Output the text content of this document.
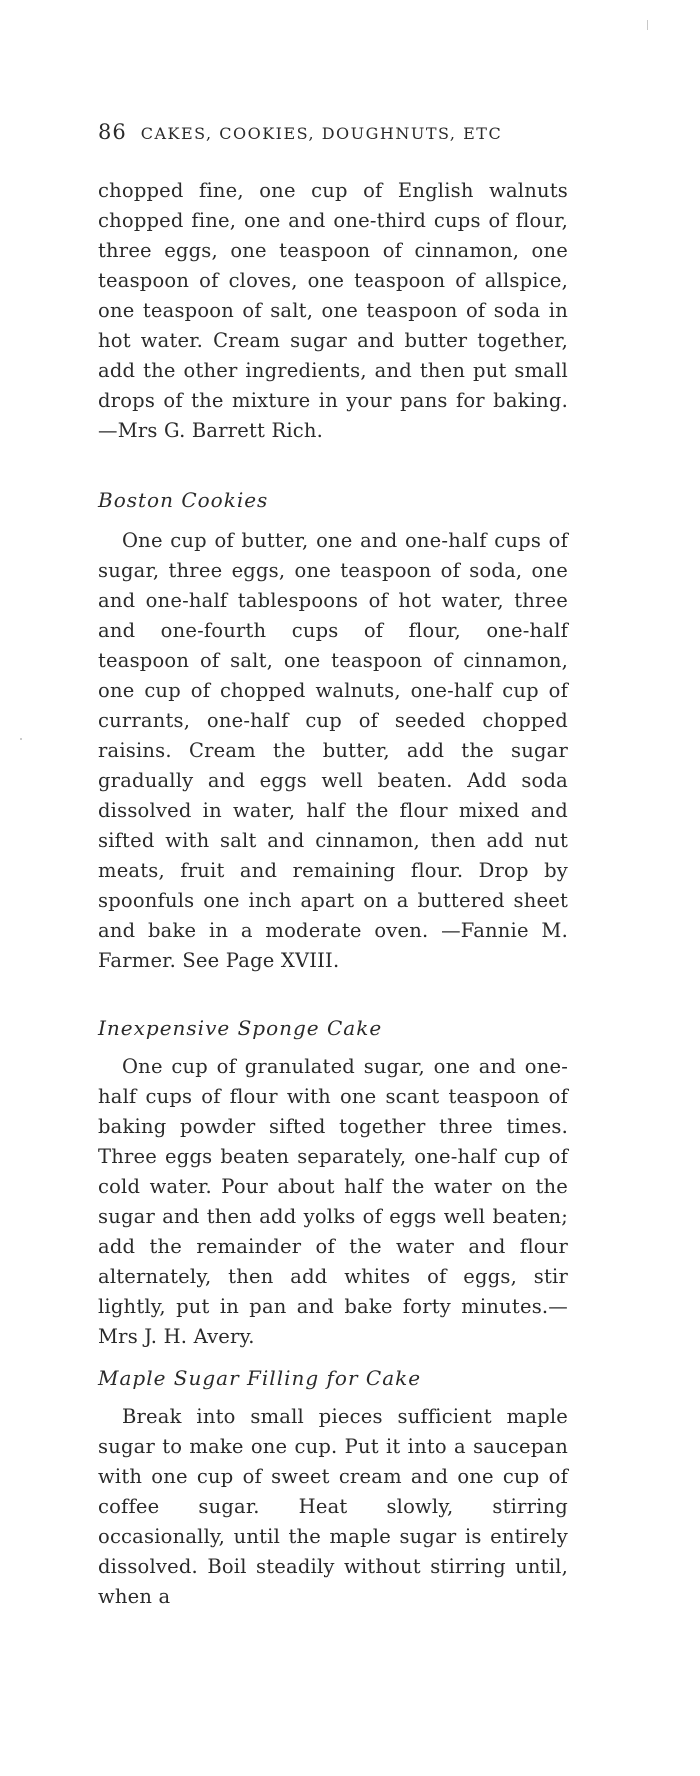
86 CAKES, COOKIES, DOUGHNUTS, ETC

chopped fine, one cup of English walnuts chopped fine, one and one-third cups of flour, three eggs, one teaspoon of cinnamon, one teaspoon of cloves, one teaspoon of allspice, one teaspoon of salt, one teaspoon of soda in hot water. Cream sugar and butter together, add the other ingredients, and then put small drops of the mixture in your pans for baking.—Mrs G. Barrett Rich.

Boston Cookies

One cup of butter, one and one-half cups of sugar, three eggs, one teaspoon of soda, one and one-half tablespoons of hot water, three and one-fourth cups of flour, one-half teaspoon of salt, one teaspoon of cinnamon, one cup of chopped walnuts, one-half cup of currants, one-half cup of seeded chopped raisins. Cream the butter, add the sugar gradually and eggs well beaten. Add soda dissolved in water, half the flour mixed and sifted with salt and cinnamon, then add nut meats, fruit and remaining flour. Drop by spoonfuls one inch apart on a buttered sheet and bake in a moderate oven. —Fannie M. Farmer. See Page XVIII.

Inexpensive Sponge Cake

One cup of granulated sugar, one and one-half cups of flour with one scant teaspoon of baking powder sifted together three times. Three eggs beaten separately, one-half cup of cold water. Pour about half the water on the sugar and then add yolks of eggs well beaten; add the remainder of the water and flour alternately, then add whites of eggs, stir lightly, put in pan and bake forty minutes.—Mrs J. H. Avery.

Maple Sugar Filling for Cake

Break into small pieces sufficient maple sugar to make one cup. Put it into a saucepan with one cup of sweet cream and one cup of coffee sugar. Heat slowly, stirring occasionally, until the maple sugar is entirely dissolved. Boil steadily without stirring until, when a
